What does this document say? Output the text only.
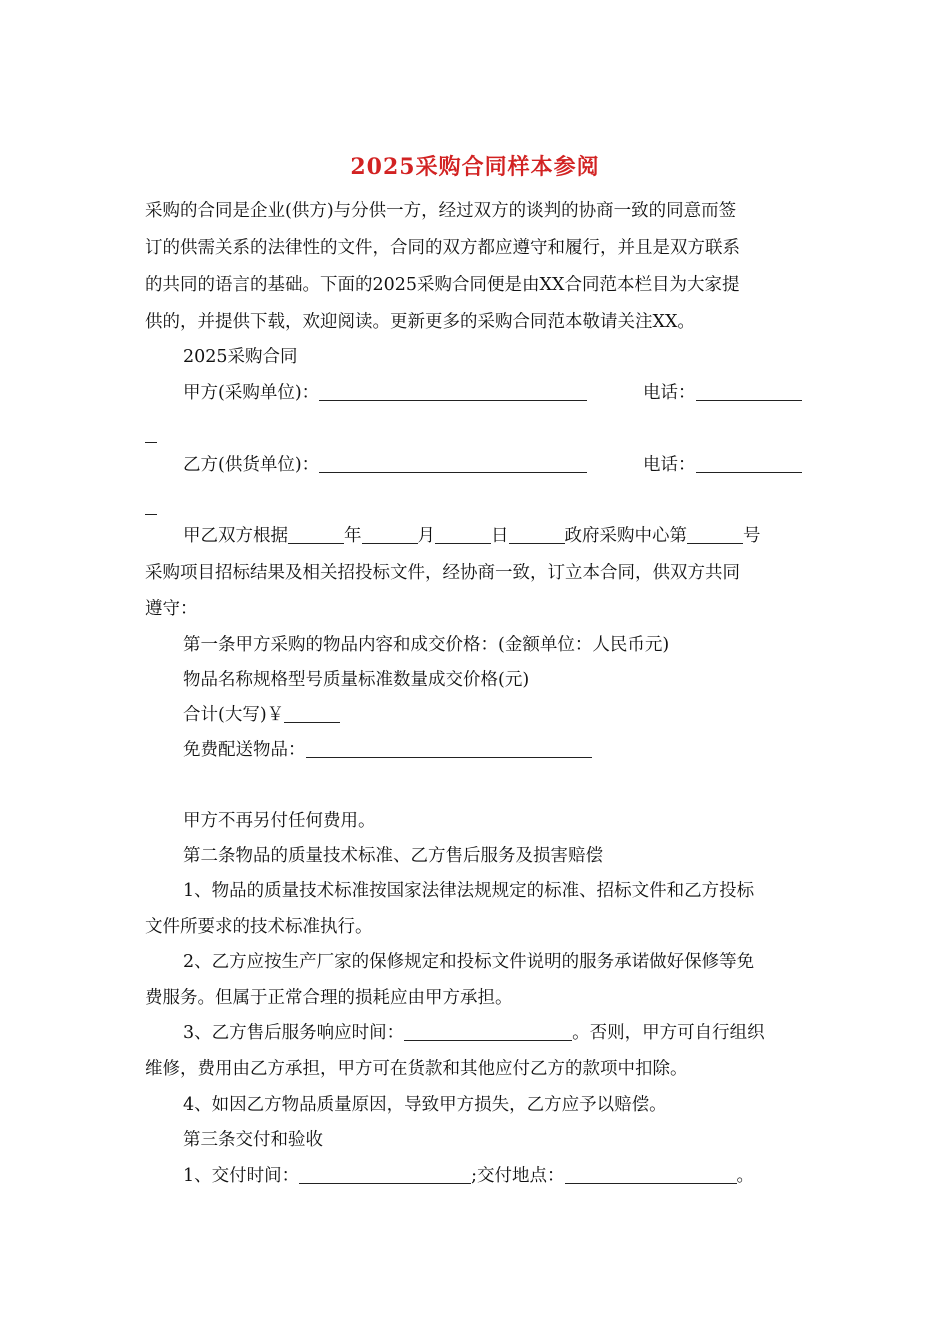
2025采购合同样本参阅
采购的合同是企业(供方)与分供一方，经过双方的谈判的协商一致的同意而签
订的供需关系的法律性的文件，合同的双方都应遵守和履行，并且是双方联系
的共同的语言的基础。下面的2025采购合同便是由XX合同范本栏目为大家提
供的，并提供下载，欢迎阅读。更新更多的采购合同范本敬请关注XX。
2025采购合同
甲方(采购单位)：	电话：
乙方(供货单位)：	电话：
甲乙双方根据	年	月	日	政府采购中心第	号
采购项目招标结果及相关招投标文件，经协商一致，订立本合同，供双方共同
遵守：
第一条甲方采购的物品内容和成交价格：(金额单位：人民币元)
物品名称规格型号质量标准数量成交价格(元)
合计(大写)￥
免费配送物品：
甲方不再另付任何费用。
第二条物品的质量技术标准、乙方售后服务及损害赔偿
1、物品的质量技术标准按国家法律法规规定的标准、招标文件和乙方投标
文件所要求的技术标准执行。
2、乙方应按生产厂家的保修规定和投标文件说明的服务承诺做好保修等免
费服务。但属于正常合理的损耗应由甲方承担。
3、乙方售后服务响应时间：	。否则，甲方可自行组织
维修，费用由乙方承担，甲方可在货款和其他应付乙方的款项中扣除。
4、如因乙方物品质量原因，导致甲方损失，乙方应予以赔偿。
第三条交付和验收
1、交付时间：	;交付地点：	。
